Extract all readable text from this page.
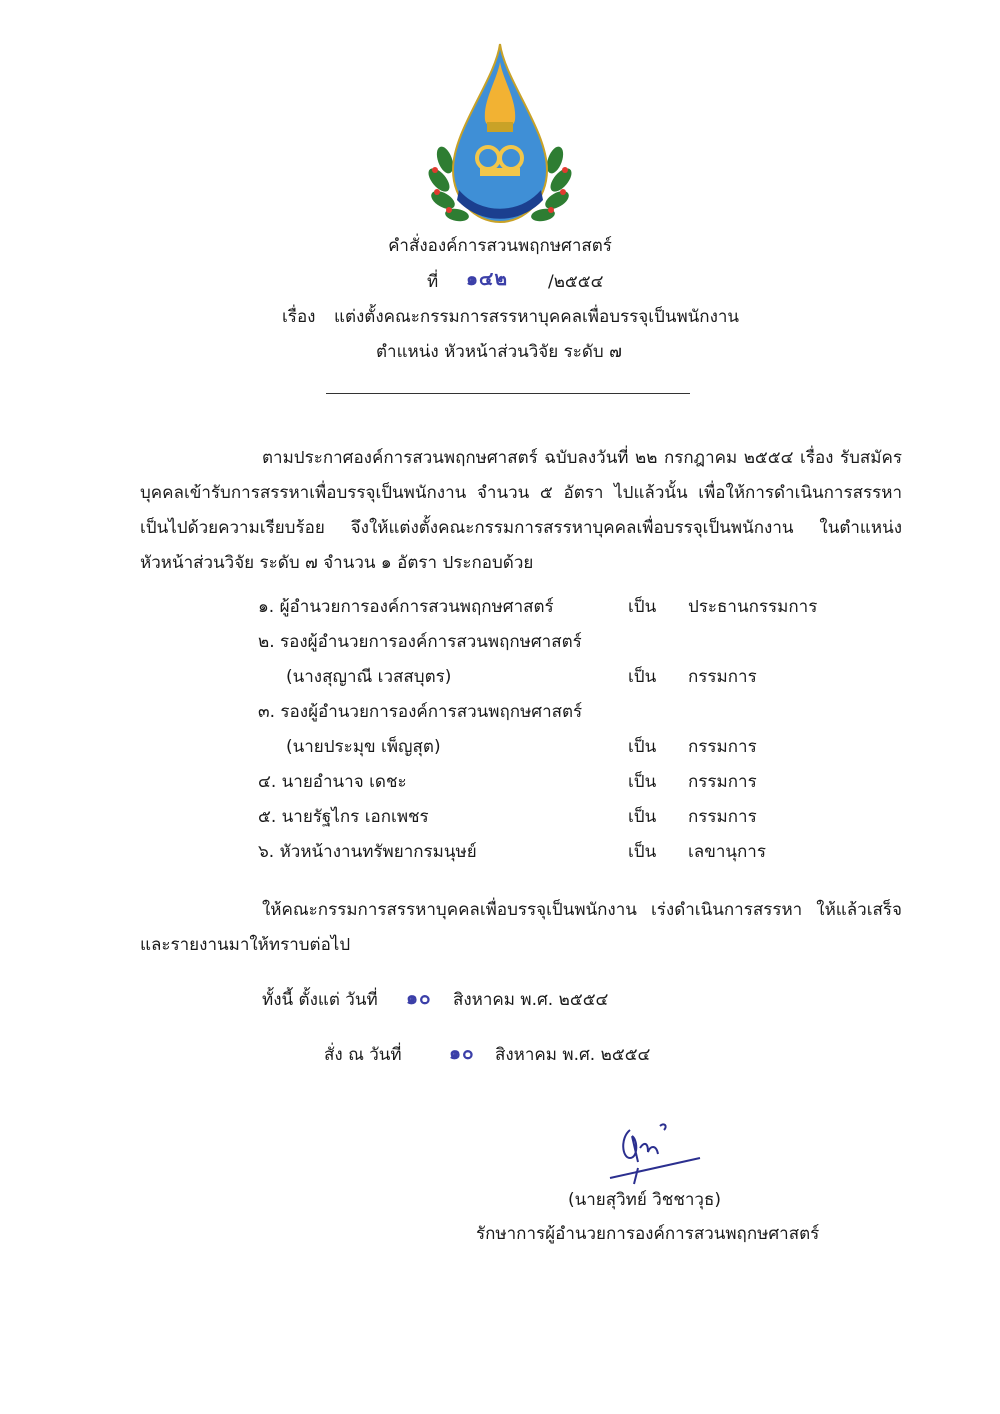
คำสั่งองค์การสวนพฤกษศาสตร์
ที่ ๑๔๒ /๒๕๕๔
เรื่อง แต่งตั้งคณะกรรมการสรรหาบุคคลเพื่อบรรจุเป็นพนักงาน
ตำแหน่ง หัวหน้าส่วนวิจัย ระดับ ๗
ตามประกาศองค์การสวนพฤกษศาสตร์ ฉบับลงวันที่ ๒๒ กรกฎาคม ๒๕๕๔ เรื่อง รับสมัครบุคคลเข้ารับการสรรหาเพื่อบรรจุเป็นพนักงาน จำนวน ๕ อัตรา ไปแล้วนั้น เพื่อให้การดำเนินการสรรหาเป็นไปด้วยความเรียบร้อย จึงให้แต่งตั้งคณะกรรมการสรรหาบุคคลเพื่อบรรจุเป็นพนักงาน ในตำแหน่ง หัวหน้าส่วนวิจัย ระดับ ๗ จำนวน ๑ อัตรา ประกอบด้วย
๑. ผู้อำนวยการองค์การสวนพฤกษศาสตร์	เป็น ประธานกรรมการ
๒. รองผู้อำนวยการองค์การสวนพฤกษศาสตร์
(นางสุญาณี เวสสบุตร)	เป็น กรรมการ
๓. รองผู้อำนวยการองค์การสวนพฤกษศาสตร์
(นายประมุข เพ็ญสุต)	เป็น กรรมการ
๔. นายอำนาจ เดชะ	เป็น กรรมการ
๕. นายรัฐไกร เอกเพชร	เป็น กรรมการ
๖. หัวหน้างานทรัพยากรมนุษย์	เป็น เลขานุการ
ให้คณะกรรมการสรรหาบุคคลเพื่อบรรจุเป็นพนักงาน เร่งดำเนินการสรรหา ให้แล้วเสร็จและรายงานมาให้ทราบต่อไป
ทั้งนี้ ตั้งแต่ วันที่ ๑๐ สิงหาคม พ.ศ. ๒๕๕๔
สั่ง ณ วันที่ ๑๐ สิงหาคม พ.ศ. ๒๕๕๔
(นายสุวิทย์ วิชชาวุธ)
รักษาการผู้อำนวยการองค์การสวนพฤกษศาสตร์
